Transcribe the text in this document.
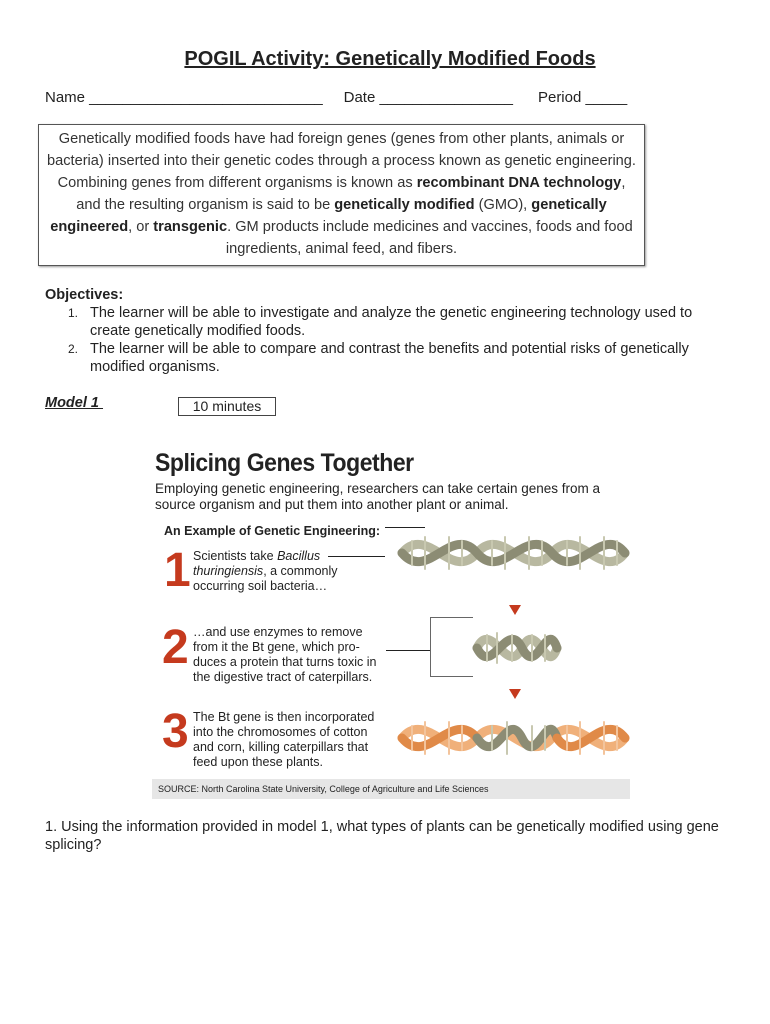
POGIL Activity: Genetically Modified Foods
Name ____________________________ Date ________________ Period _____
Genetically modified foods have had foreign genes (genes from other plants, animals or bacteria) inserted into their genetic codes through a process known as genetic engineering. Combining genes from different organisms is known as recombinant DNA technology, and the resulting organism is said to be genetically modified (GMO), genetically engineered, or transgenic. GM products include medicines and vaccines, foods and food ingredients, animal feed, and fibers.
Objectives:
1. The learner will be able to investigate and analyze the genetic engineering technology used to create genetically modified foods.
2. The learner will be able to compare and contrast the benefits and potential risks of genetically modified organisms.
Model 1	10 minutes
Splicing Genes Together
Employing genetic engineering, researchers can take certain genes from a source organism and put them into another plant or animal.
An Example of Genetic Engineering:
1 Scientists take Bacillus thuringiensis, a commonly occurring soil bacteria…
2 …and use enzymes to remove from it the Bt gene, which pro-duces a protein that turns toxic in the digestive tract of caterpillars.
3 The Bt gene is then incorporated into the chromosomes of cotton and corn, killing caterpillars that feed upon these plants.
SOURCE: North Carolina State University, College of Agriculture and Life Sciences
1. Using the information provided in model 1, what types of plants can be genetically modified using gene splicing?
